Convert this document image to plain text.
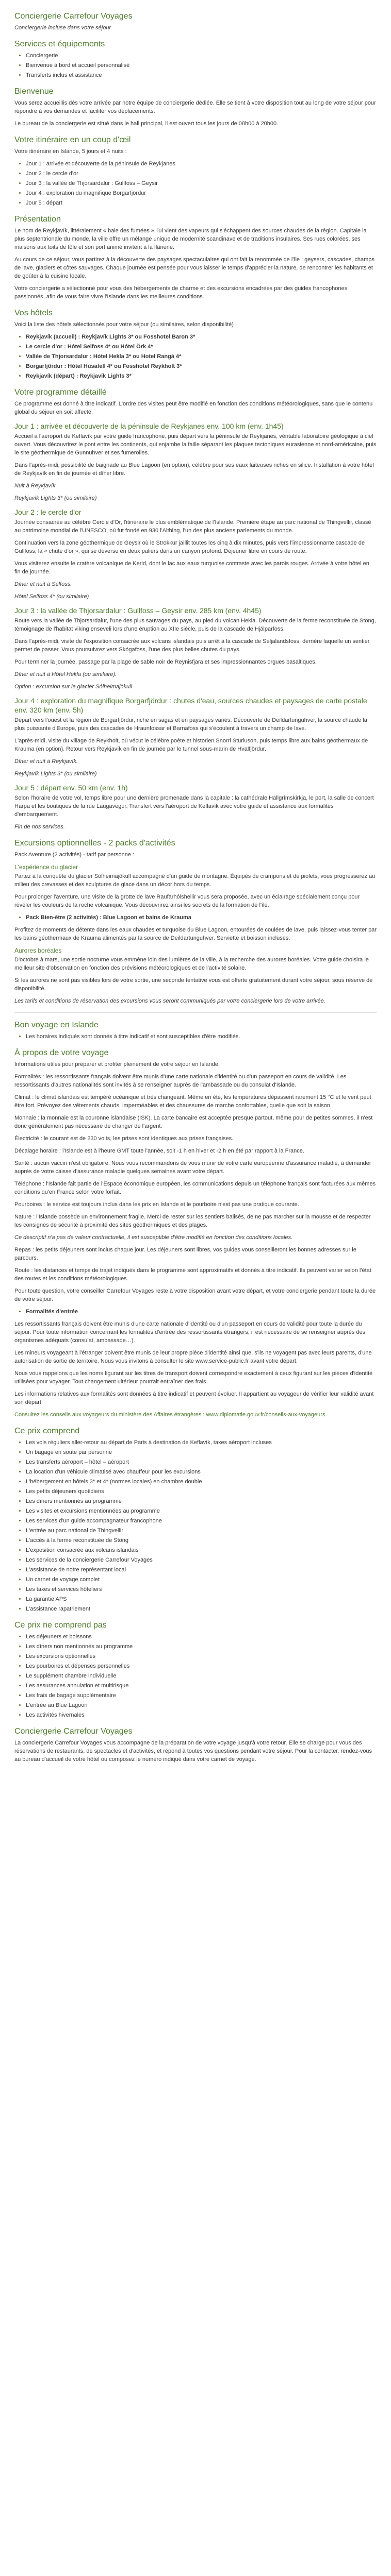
Conciergerie Carrefour Voyages

Conciergerie incluse dans votre séjour

Services et équipements
• Conciergerie
• Bienvenue à bord et accueil personnalisé
• Transferts inclus et assistance
Bienvenue

Vous serez accueillis dès votre arrivée par notre équipe de conciergerie dédiée. Elle se tient à votre disposition tout au long de votre séjour pour répondre à vos demandes et faciliter vos déplacements.

Le bureau de la conciergerie est situé dans le hall principal, il est ouvert tous les jours de 08h00 à 20h00.

Votre itinéraire en un coup d'œil

Votre itinéraire en Islande, 5 jours et 4 nuits :

• Jour 1 : arrivée et découverte de la péninsule de Reykjanes
• Jour 2 : le cercle d'or
• Jour 3 : la vallée de Thjorsardalur : Gullfoss – Geysir
• Jour 4 : exploration du magnifique Borgarfjördur
• Jour 5 : départ
Présentation

Le nom de Reykjavík, littéralement « baie des fumées », lui vient des vapeurs qui s'échappent des sources chaudes de la région. Capitale la plus septentrionale du monde, la ville offre un mélange unique de modernité scandinave et de traditions insulaires. Ses rues colorées, ses maisons aux toits de tôle et son port animé invitent à la flânerie.

Au cours de ce séjour, vous partirez à la découverte des paysages spectaculaires qui ont fait la renommée de l'île : geysers, cascades, champs de lave, glaciers et côtes sauvages. Chaque journée est pensée pour vous laisser le temps d'apprécier la nature, de rencontrer les habitants et de goûter à la cuisine locale.

Votre conciergerie a sélectionné pour vous des hébergements de charme et des excursions encadrées par des guides francophones passionnés, afin de vous faire vivre l'Islande dans les meilleures conditions.

Vos hôtels

Voici la liste des hôtels sélectionnés pour votre séjour (ou similaires, selon disponibilité) :

• Reykjavík (accueil) : Reykjavík Lights 3* ou Fosshotel Baron 3*
• Le cercle d'or : Hótel Selfoss 4* ou Hótel Örk 4*
• Vallée de Thjorsardalur : Hótel Hekla 3* ou Hotel Rangá 4*
• Borgarfjördur : Hótel Húsafell 4* ou Fosshotel Reykholt 3*
• Reykjavík (départ) : Reykjavík Lights 3*
Votre programme détaillé

Ce programme est donné à titre indicatif. L'ordre des visites peut être modifié en fonction des conditions météorologiques, sans que le contenu global du séjour en soit affecté.

Jour 1 : arrivée et découverte de la péninsule de Reykjanes env. 100 km (env. 1h45)

Accueil à l'aéroport de Keflavík par votre guide francophone, puis départ vers la péninsule de Reykjanes, véritable laboratoire géologique à ciel ouvert. Vous découvrirez le pont entre les continents, qui enjambe la faille séparant les plaques tectoniques eurasienne et nord-américaine, puis le site géothermique de Gunnuhver et ses fumerolles.

Dans l'après-midi, possibilité de baignade au Blue Lagoon (en option), célèbre pour ses eaux laiteuses riches en silice. Installation à votre hôtel de Reykjavík en fin de journée et dîner libre.

Nuit à Reykjavík.

Reykjavík Lights 3* (ou similaire)

Jour 2 : le cercle d'or

Journée consacrée au célèbre Cercle d'Or, l'itinéraire le plus emblématique de l'Islande. Première étape au parc national de Thingvellir, classé au patrimoine mondial de l'UNESCO, où fut fondé en 930 l'Althing, l'un des plus anciens parlements du monde.

Continuation vers la zone géothermique de Geysir où le Strokkur jaillit toutes les cinq à dix minutes, puis vers l'impressionnante cascade de Gullfoss, la « chute d'or », qui se déverse en deux paliers dans un canyon profond. Déjeuner libre en cours de route.

Vous visiterez ensuite le cratère volcanique de Kerid, dont le lac aux eaux turquoise contraste avec les parois rouges. Arrivée à votre hôtel en fin de journée.

Dîner et nuit à Selfoss.

Hótel Selfoss 4* (ou similaire)

Jour 3 : la vallée de Thjorsardalur : Gullfoss – Geysir env. 285 km (env. 4h45)

Route vers la vallée de Thjorsardalur, l'une des plus sauvages du pays, au pied du volcan Hekla. Découverte de la ferme reconstituée de Stöng, témoignage de l'habitat viking enseveli lors d'une éruption au XIIe siècle, puis de la cascade de Hjálparfoss.

Dans l'après-midi, visite de l'exposition consacrée aux volcans islandais puis arrêt à la cascade de Seljalandsfoss, derrière laquelle un sentier permet de passer. Vous poursuivrez vers Skógafoss, l'une des plus belles chutes du pays.

Pour terminer la journée, passage par la plage de sable noir de Reynisfjara et ses impressionnantes orgues basaltiques.

Dîner et nuit à Hótel Hekla (ou similaire).

Option : excursion sur le glacier Sólheimajökull

Jour 4 : exploration du magnifique Borgarfjördur : chutes d'eau, sources chaudes et paysages de carte postale env. 320 km (env. 5h)

Départ vers l'ouest et la région de Borgarfjördur, riche en sagas et en paysages variés. Découverte de Deildartunguhver, la source chaude la plus puissante d'Europe, puis des cascades de Hraunfossar et Barnafoss qui s'écoulent à travers un champ de lave.

L'après-midi, visite du village de Reykholt, où vécut le célèbre poète et historien Snorri Sturluson, puis temps libre aux bains géothermaux de Krauma (en option). Retour vers Reykjavík en fin de journée par le tunnel sous-marin de Hvalfjördur.

Dîner et nuit à Reykjavík.

Reykjavík Lights 3* (ou similaire)

Jour 5 : départ env. 50 km (env. 1h)

Selon l'horaire de votre vol, temps libre pour une dernière promenade dans la capitale : la cathédrale Hallgrímskirkja, le port, la salle de concert Harpa et les boutiques de la rue Laugavegur. Transfert vers l'aéroport de Keflavík avec votre guide et assistance aux formalités d'embarquement.

Fin de nos services.

Excursions optionnelles - 2 packs d'activités

Pack Aventure (2 activités) - tarif par personne :

L'expérience du glacier

Partez à la conquête du glacier Sólheimajökull accompagné d'un guide de montagne. Équipés de crampons et de piolets, vous progresserez au milieu des crevasses et des sculptures de glace dans un décor hors du temps.

Pour prolonger l'aventure, une visite de la grotte de lave Raufarhólshellir vous sera proposée, avec un éclairage spécialement conçu pour révéler les couleurs de la roche volcanique. Vous découvrirez ainsi les secrets de la formation de l'île.

• Pack Bien-être (2 activités) : Blue Lagoon et bains de Krauma

Profitez de moments de détente dans les eaux chaudes et turquoise du Blue Lagoon, entourées de coulées de lave, puis laissez-vous tenter par les bains géothermaux de Krauma alimentés par la source de Deildartunguhver. Serviette et boisson incluses.

Aurores boréales

D'octobre à mars, une sortie nocturne vous emmène loin des lumières de la ville, à la recherche des aurores boréales. Votre guide choisira le meilleur site d'observation en fonction des prévisions météorologiques et de l'activité solaire.

Si les aurores ne sont pas visibles lors de votre sortie, une seconde tentative vous est offerte gratuitement durant votre séjour, sous réserve de disponibilité.

Les tarifs et conditions de réservation des excursions vous seront communiqués par votre conciergerie lors de votre arrivée.

Bon voyage en Islande
• Les horaires indiqués sont donnés à titre indicatif et sont susceptibles d'être modifiés.
À propos de votre voyage

Informations utiles pour préparer et profiter pleinement de votre séjour en Islande.

Formalités : les ressortissants français doivent être munis d'une carte nationale d'identité ou d'un passeport en cours de validité. Les ressortissants d'autres nationalités sont invités à se renseigner auprès de l'ambassade ou du consulat d'Islande.

Climat : le climat islandais est tempéré océanique et très changeant. Même en été, les températures dépassent rarement 15 °C et le vent peut être fort. Prévoyez des vêtements chauds, imperméables et des chaussures de marche confortables, quelle que soit la saison.

Monnaie : la monnaie est la couronne islandaise (ISK). La carte bancaire est acceptée presque partout, même pour de petites sommes, il n'est donc généralement pas nécessaire de changer de l'argent.

Électricité : le courant est de 230 volts, les prises sont identiques aux prises françaises.

Décalage horaire : l'Islande est à l'heure GMT toute l'année, soit -1 h en hiver et -2 h en été par rapport à la France.

Santé : aucun vaccin n'est obligatoire. Nous vous recommandons de vous munir de votre carte européenne d'assurance maladie, à demander auprès de votre caisse d'assurance maladie quelques semaines avant votre départ.

Téléphone : l'Islande fait partie de l'Espace économique européen, les communications depuis un téléphone français sont facturées aux mêmes conditions qu'en France selon votre forfait.

Pourboires : le service est toujours inclus dans les prix en Islande et le pourboire n'est pas une pratique courante.

Nature : l'Islande possède un environnement fragile. Merci de rester sur les sentiers balisés, de ne pas marcher sur la mousse et de respecter les consignes de sécurité à proximité des sites géothermiques et des plages.

Ce descriptif n'a pas de valeur contractuelle, il est susceptible d'être modifié en fonction des conditions locales.

Repas : les petits déjeuners sont inclus chaque jour. Les déjeuners sont libres, vos guides vous conseilleront les bonnes adresses sur le parcours.

Route : les distances et temps de trajet indiqués dans le programme sont approximatifs et donnés à titre indicatif. Ils peuvent varier selon l'état des routes et les conditions météorologiques.

Pour toute question, votre conseiller Carrefour Voyages reste à votre disposition avant votre départ, et votre conciergerie pendant toute la durée de votre séjour.

• Formalités d'entrée

Les ressortissants français doivent être munis d'une carte nationale d'identité ou d'un passeport en cours de validité pour toute la durée du séjour. Pour toute information concernant les formalités d'entrée des ressortissants étrangers, il est nécessaire de se renseigner auprès des organismes adéquats (consulat, ambassade…).

Les mineurs voyageant à l'étranger doivent être munis de leur propre pièce d'identité ainsi que, s'ils ne voyagent pas avec leurs parents, d'une autorisation de sortie de territoire. Nous vous invitons à consulter le site www.service-public.fr avant votre départ.

Nous vous rappelons que les noms figurant sur les titres de transport doivent correspondre exactement à ceux figurant sur les pièces d'identité utilisées pour voyager. Tout changement ultérieur pourrait entraîner des frais.

Les informations relatives aux formalités sont données à titre indicatif et peuvent évoluer. Il appartient au voyageur de vérifier leur validité avant son départ.

Consultez les conseils aux voyageurs du ministère des Affaires étrangères : www.diplomatie.gouv.fr/conseils-aux-voyageurs.

Ce prix comprend
• Les vols réguliers aller-retour au départ de Paris à destination de Keflavík, taxes aéroport incluses
• Un bagage en soute par personne
• Les transferts aéroport – hôtel – aéroport
• La location d'un véhicule climatisé avec chauffeur pour les excursions
• L'hébergement en hôtels 3* et 4* (normes locales) en chambre double
• Les petits déjeuners quotidiens
• Les dîners mentionnés au programme
• Les visites et excursions mentionnées au programme
• Les services d'un guide accompagnateur francophone
• L'entrée au parc national de Thingvellir
• L'accès à la ferme reconstituée de Stöng
• L'exposition consacrée aux volcans islandais
• Les services de la conciergerie Carrefour Voyages
• L'assistance de notre représentant local
• Un carnet de voyage complet
• Les taxes et services hôteliers
• La garantie APS
• L'assistance rapatriement
Ce prix ne comprend pas
• Les déjeuners et boissons
• Les dîners non mentionnés au programme
• Les excursions optionnelles
• Les pourboires et dépenses personnelles
• Le supplément chambre individuelle
• Les assurances annulation et multirisque
• Les frais de bagage supplémentaire
• L'entrée au Blue Lagoon
• Les activités hivernales
Conciergerie Carrefour Voyages

La conciergerie Carrefour Voyages vous accompagne de la préparation de votre voyage jusqu'à votre retour. Elle se charge pour vous des réservations de restaurants, de spectacles et d'activités, et répond à toutes vos questions pendant votre séjour. Pour la contacter, rendez-vous au bureau d'accueil de votre hôtel ou composez le numéro indiqué dans votre carnet de voyage.
